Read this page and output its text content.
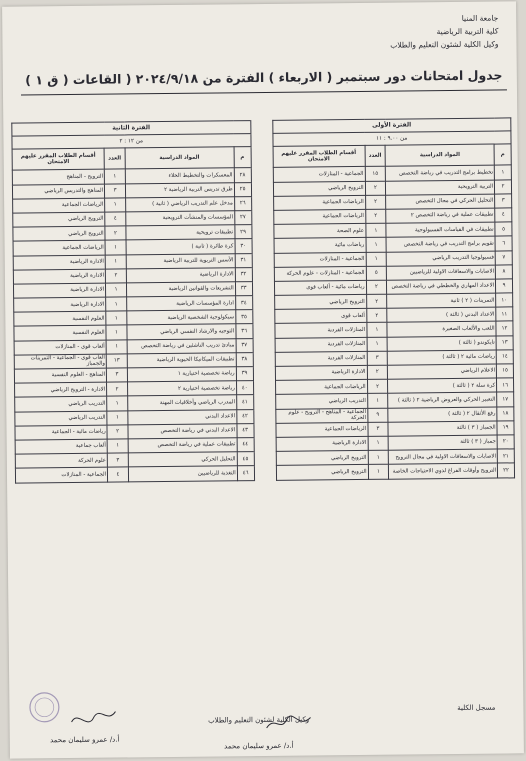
جامعة المنيا
كلية التربية الرياضية
وكيل الكلية لشئون التعليم والطلاب
جدول امتحانات دور سبتمبر ( الاربعاء ) الفترة من ٢٠٢٤/٩/١٨ ( القاعات ( ق ١ )
الفترة الأولى					الفترة الثانية			
من ٩.٠٠ : ١١					من ١٢ : ٢			
م	المواد الدراسية	العدد	أقسام الطلاب المقرر عليهم الامتحان		م	المواد الدراسية	العدد	أقسام الطلاب المقرر عليهم الامتحان
١	تخطيط برامج التدريب في رياضة التخصص	١٥	الجماعية - المنازلات		٢٨	المعسكرات والتخطيط الخلاء	١	الترويح - المناهج
٢	التربية الترويحية	٢	الترويح الرياضي		٢٥	طرق تدريس التربية الرياضية ٢	٣	المناهج والتدريس الرياضي
٣	التحليل الحركي في مجال التخصص	٢	الرياضات الجماعية		٢٦	مدخل علم التدريب الرياضي ( ثانية )	١	الرياضات الجماعية
٤	تطبيقات عملية في رياضة التخصص ٢	٢	الرياضات الجماعية		٢٧	المؤسسات والمنشآت الترويحية	٤	الترويح الرياضي
٥	تطبيقات في القياسات الفسيولوجية	١	علوم الصحة		٢٩	تطبيقات ترويحية	٢	الترويح الرياضي
٦	تقويم برامج التدريب في رياضة التخصص	١	رياضات مائية		٣٠	كرة طائرة ( ثانية )	١	الرياضات الجماعية
٧	فسيولوجيا التدريب الرياضي	١	الجماعية - المنازلات		٣١	الأسس التربوية للتربية الرياضية	١	الادارة الرياضية
٨	الاصابات والاسعافات الاولية للرياضيين	٥	الجماعية - المنازلات - علوم الحركة		٣٢	الادارة الرياضية	٢	الادارة الرياضية
٩	الاعداد المهاري والخططي في رياضة التخصص	٢	رياضات مائية - ألعاب قوى		٣٣	التشريعات والقوانين الرياضية	١	الادارة الرياضية
١٠	التمرينات ( ٢ ) ثانية	٢	الترويح الرياضي		٣٤	ادارة المؤسسات الرياضية	١	الادارة الرياضية
١١	الاعداد البدني ( ثالثة )	٢	ألعاب قوى		٣٥	سيكولوجية الشخصية الرياضية	١	العلوم النفسية
١٢	اللعب والألعاب الصغيرة	١	المنازلات الفردية		٣٦	التوجيه والارشاد النفسي الرياضي	١	العلوم النفسية
١٣	تايكوندو ( ثالثة )	١	المنازلات الفردية		٣٧	مبادئ تدريب الناشئين في رياضة التخصص	١	ألعاب قوى - المنازلات
١٤	رياضات مائية ٢ ( ثالثة )	٣	المنازلات الفردية		٣٨	تطبيقات الميكانيكا الحيوية الرياضية	١٣	ألعاب قوى - الجماعية - التمرينات والجمباز
١٥	الاعلام الرياضي	٢	الادارة الرياضية		٣٩	رياضة تخصصية اختيارية ١	٣	المناهج - العلوم النفسية
١٦	كرة سلة ٢ ( ثالثة )	٢	الرياضات الجماعية		٤٠	رياضة تخصصية اختيارية ٢	٢	الادارة - الترويح الرياضي
١٧	التعبير الحركي والعروض الرياضية ٢ ( ثالثة )	١	التدريب الرياضي		٤١	المدرب الرياضي وأخلاقيات المهنة	١	التدريب الرياضي
١٨	رفع الأثقال ٢ ( ثالثة )	٩	الجماعية - المناهج - الترويح - علوم الحركة		٤٢	الاعداد البدني	١	التدريب الرياضي
١٩	الجمباز ( ٣ ) ثالثة	٣	الرياضات الجماعية		٤٣	الاعداد البدني في رياضة التخصص	٢	رياضات مائية - الجماعية
٢٠	جمباز ( ٣ ) ثالثة	١	الادارة الرياضية		٤٤	تطبيقات عملية في رياضة التخصص	١	ألعاب جماعية
٢١	الاصابات والاسعافات الاولية في مجال الترويح	١	الترويح الرياضي		٤٥	التحليل الحركي	٣	علوم الحركة
٢٢	الترويح وأوقات الفراغ لذوي الاحتياجات الخاصة	١	الترويح الرياضي		٤٦	التغذية للرياضيين	٤	الجماعية - المنازلات
مسجل الكلية
وكيل الكلية لشئون التعليم والطلاب
أ.د/ عمرو سليمان محمد
أ.د/ عمرو سليمان محمد
